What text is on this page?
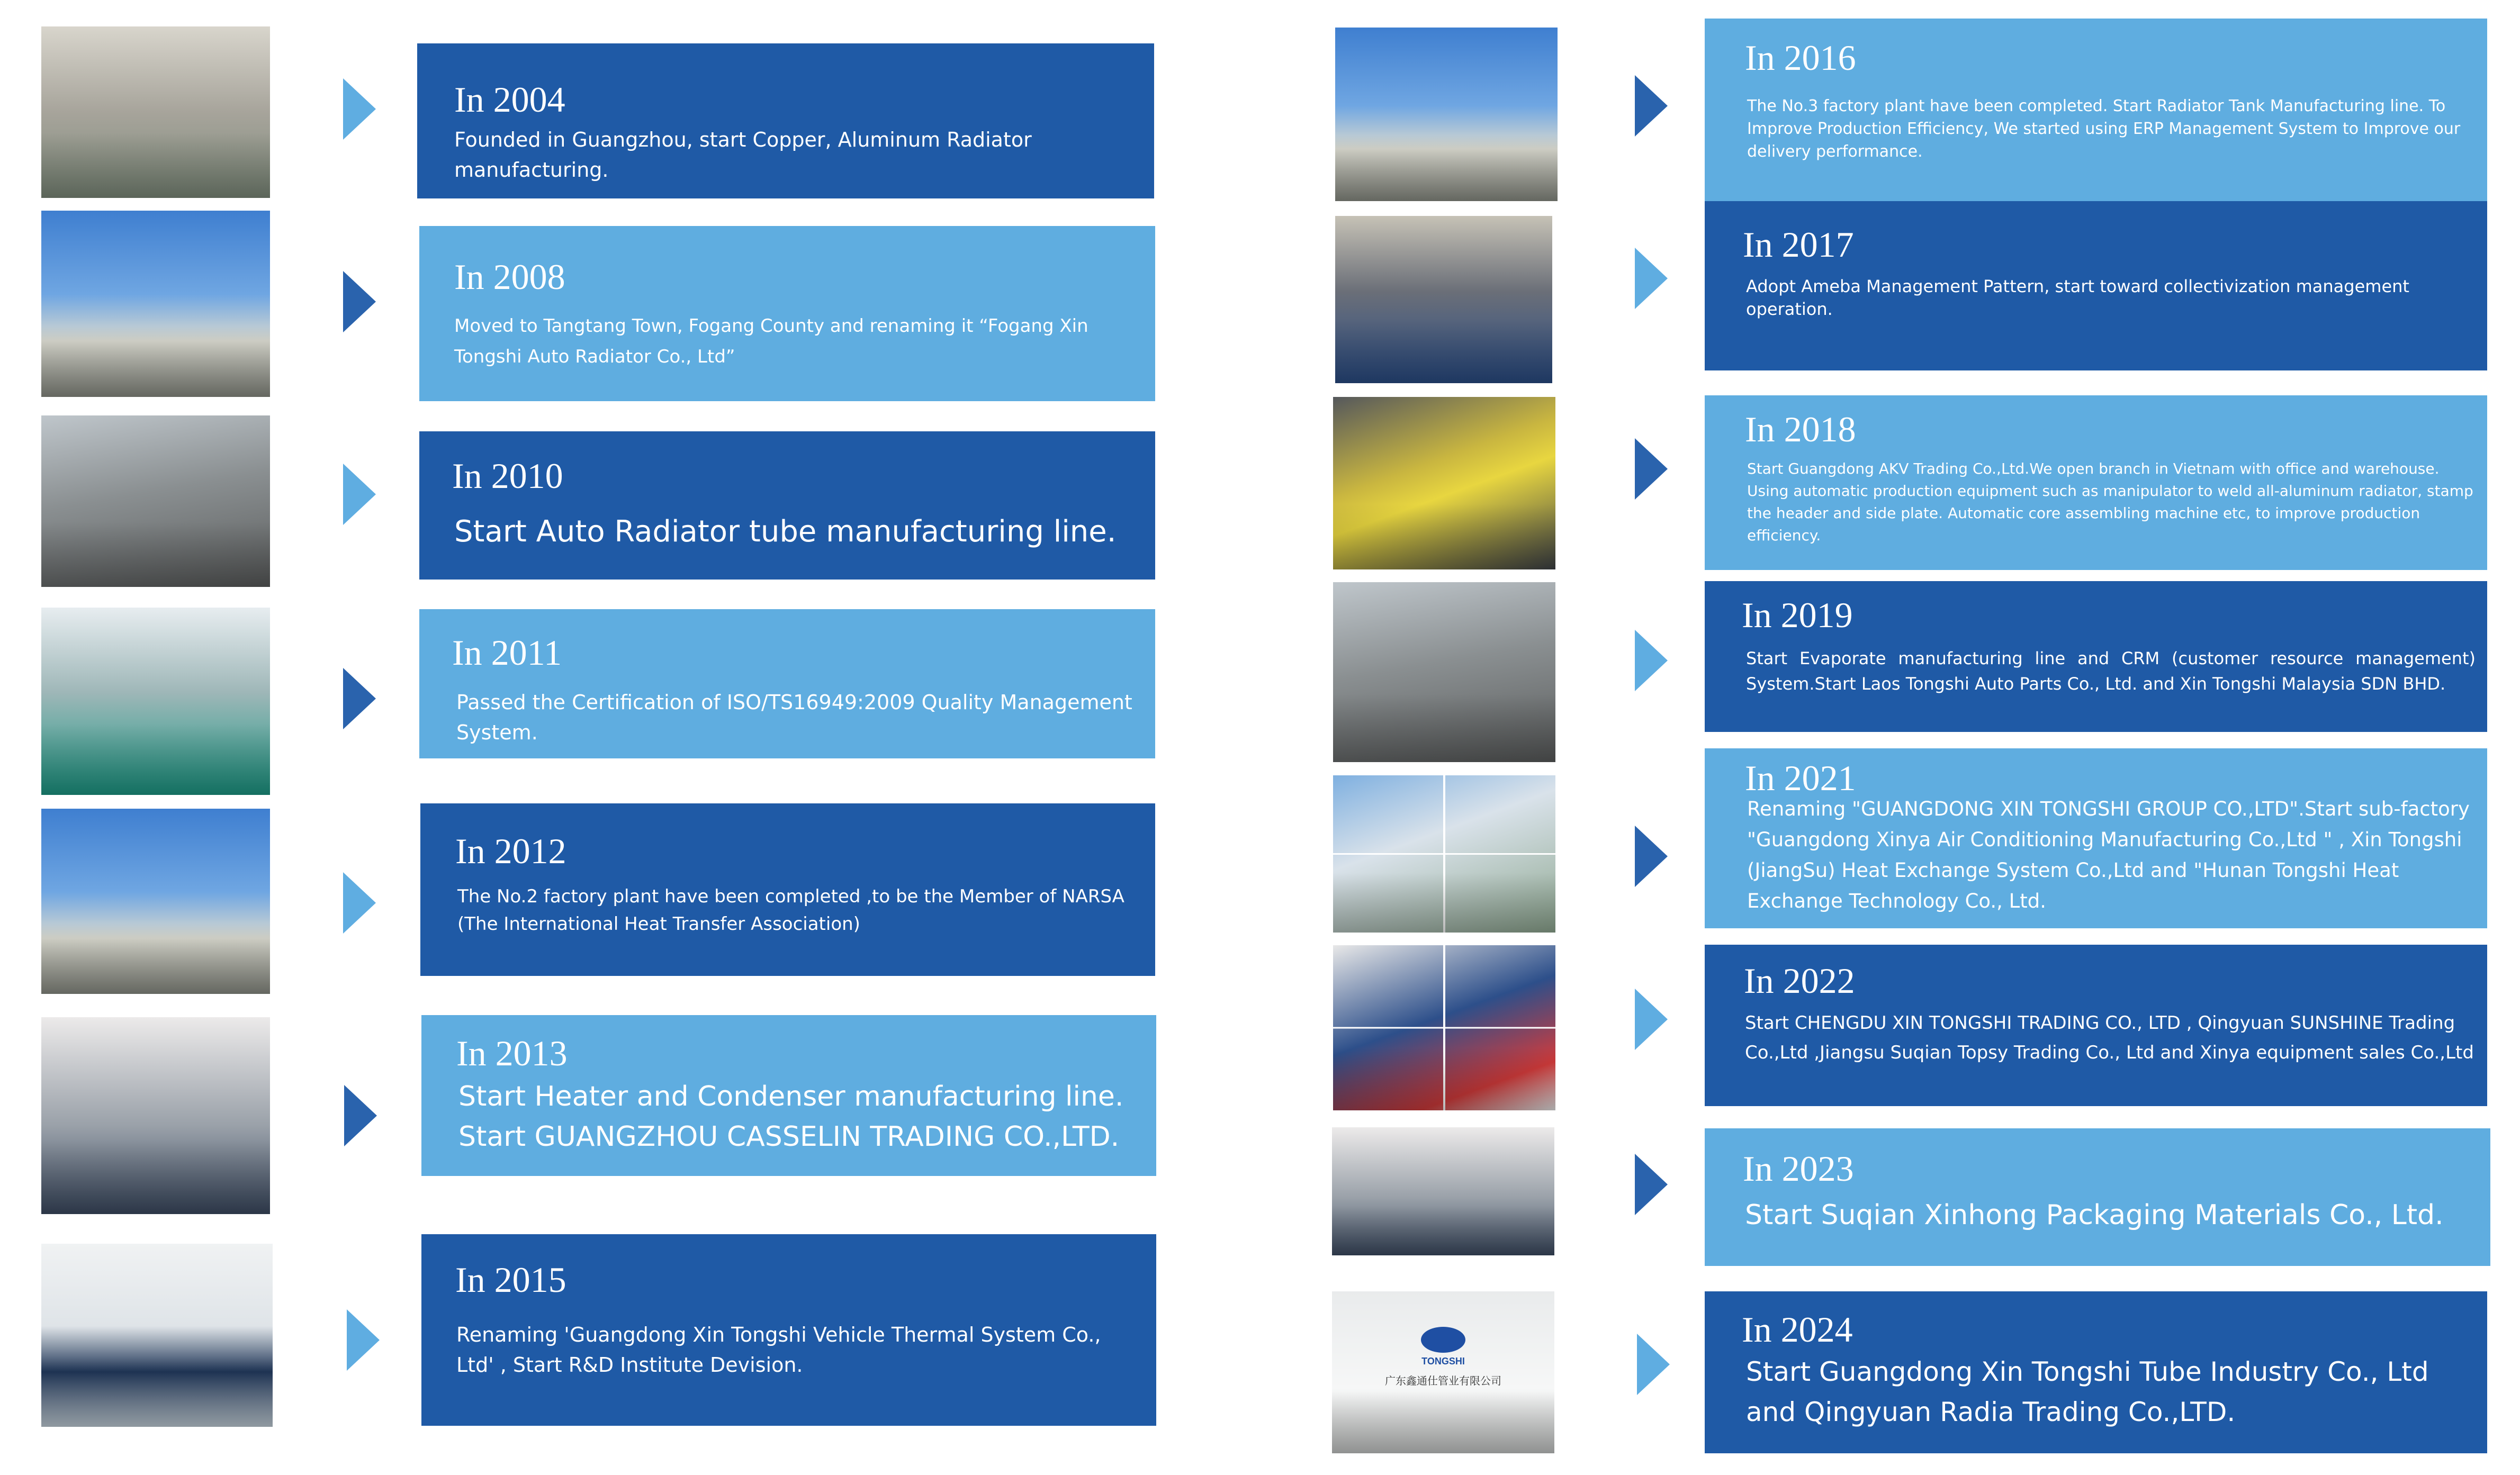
In 2004
Founded in Guangzhou, start Copper, Aluminum Radiator manufacturing.
In 2008
Moved to Tangtang Town, Fogang County and renaming it “Fogang Xin Tongshi Auto Radiator Co., Ltd”
In 2010
Start Auto Radiator tube manufacturing line.
In 2011
Passed the Certification of ISO/TS16949:2009 Quality Management System.
In 2012
The No.2 factory plant have been completed ,to be the Member of NARSA (The International Heat Transfer Association)
In 2013
Start Heater and Condenser manufacturing line. Start GUANGZHOU CASSELIN TRADING CO.,LTD.
In 2015
Renaming 'Guangdong Xin Tongshi Vehicle Thermal System Co., Ltd' , Start R&D Institute Devision.
In 2016
The No.3 factory plant have been completed. Start Radiator Tank Manufacturing line. To Improve Production Efficiency, We started using ERP Management System to Improve our delivery performance.
In 2017
Adopt Ameba Management Pattern, start toward collectivization management operation.
In 2018
Start Guangdong AKV Trading Co.,Ltd.We open branch in Vietnam with office and warehouse. Using automatic production equipment such as manipulator to weld all-aluminum radiator, stamp the header and side plate. Automatic core assembling machine etc, to improve production efficiency.
In 2019
Start Evaporate manufacturing line and CRM (customer resource management) System.Start Laos Tongshi Auto Parts Co., Ltd. and Xin Tongshi Malaysia SDN BHD.
In 2021
Renaming "GUANGDONG XIN TONGSHI GROUP CO.,LTD".Start sub-factory "Guangdong Xinya Air Conditioning Manufacturing Co.,Ltd " , Xin Tongshi (JiangSu) Heat Exchange System Co.,Ltd and "Hunan Tongshi Heat Exchange Technology Co., Ltd.
In 2022
Start CHENGDU XIN TONGSHI TRADING CO., LTD , Qingyuan SUNSHINE Trading Co.,Ltd ,Jiangsu Suqian Topsy Trading Co., Ltd and Xinya equipment sales Co.,Ltd
In 2023
Start Suqian Xinhong Packaging Materials Co., Ltd.
TONGSHI
广东鑫通仕管业有限公司
In 2024
Start Guangdong Xin Tongshi Tube Industry Co., Ltd and Qingyuan Radia Trading Co.,LTD.
